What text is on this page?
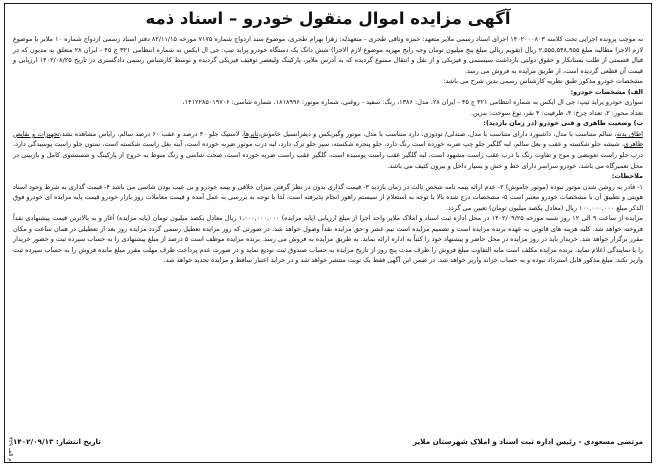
آگهی مزایده اموال منقول خودرو – اسناد ذمه

به موجب پرونده اجرایی تحت کلاسه ۱۴۰۲۰۰۰۸۰۳ اجرای اسناد رسمی ملایر متعهد: حمزه وثاقی طجری - متعهدله: زهرا بهرام طجری، موضوع سند ازدواج شماره ۷۱۷۵ مورخه ۸۲/۱۱/۱۵ دفتر اسناد رسمی ازدواج شماره ۱۰ ملایر با موضوع لازم الاجرا مطالبه مبلغ ۲,۵۵۵,۵۴۸,۹۵۵ ریال (تقویم ریالی مبلغ پنج میلیون تومان وجه رایج مهریه موضوع لازم الاجرا) شش دانگ یک دستگاه خودرو پراید تیپ: جی ال ایکس به شماره انتظامی ۳۲۱ ج ۴۵ - ایران ۲۸ متعلق به مدیون که در قبال قسمتی از طلب بستانکار و حقوق دولتی بازداشت سیستمی و فیزیکی و از نقل و انتقال ممنوع گردیده که به آدرس ملایر، پارکینگ ولیعصر توقیف فیزیکی گردیده و توسط کارشناس رسمی دادگستری در تاریخ ۱۴۰۲/۰۸/۲۵ ارزیابی و قیمت آن قطعی گردیده است، از طریق مزایده به فروش می رسد.

مشخصات خودرو مذکور طبق نظریه کارشناس رسمی بدین شرح می باشد:

الف) مشخصات خودرو:

سواری خودرو پراید تیپ: جی ال ایکس به شماره انتظامی ۳۲۱ ج ۴۵ - ایران ۲۸، مدل: ۱۳۸۶، رنگ: سفید - روغنی، شماره موتور: ۱۸۱۸۹۹۶، شماره شاسی: ۱۴۱۲۲۸۵۰۱۹۷۰۶،

تعداد محور: ۲، تعداد چرخ: ۴، ظرفیت: ۴ نفر، نوع سوخت: بنزین.

ب) وضعیت ظاهری و فنی خودرو (در زمان بازدید):

اطاق بدنه، سالم متناسب با مدل، داشبورد دارای متناسب با مدل، صندلی/ تودوزی، دارد متناسب با مدل، موتور وگیربکس و دیفرانسیل خاموش،تایرها، لاستیک جلو ۴۰ درصد و عقب ۶۰ درصد سالم، رایاس مشاهده نشد،تجهیزات و نقایص ظاهری، شیشه جلو شکسته و عقب و بغل سالم، لبه گلگیر جلو چپ ضربه خورده است رنگ دارد، جلو پنجره شکسته، سپر جلو ترک دارد، لبه درب موتور ضربه خورده است، آینه بغل راست شکسته است، ستون جلو راست پوسیدگی دارد، درب جلو راست تعویضی و موج و تفاوت رنگ با درب عقب راست مشهود است، لبه گلگیر عقب راست پوسیده است، گلگیر عقب راست ضربه خورده است، صحت شاسی و رنگ منوط به خروج از پارکینگ و شستشوی کامل و بازبینی در محل تعمیرگاه می باشد، خودرو سراسر دارای خط و خش و بسیار داخل و بیرون کثیف می باشد.

ملاحظات:

۱- قادر به روشن شدن موتور نبوده (موتور خاموش) ۲- عدم ارائه بیمه نامه شخص ثالث در زمان بازدید ۳- قیمت گذاری بدون در نظر گرفتن میزان خلافی و بیمه خودرو و بی عیب بودن شاسی می باشد ۴- قیمت گذاری به شرط وجود اسناد هویتی و تطبیق آن با مشخصات خودرو معتبر است ۵- مشخصات درج شده بالا با توجه به استعلام از سیستم راهور انجام پذیرفته است. لذا با توجه به بررسی به عمل آمده و قیمت معاملات روز بازار خودرو قیمت پایه مزایده ای خودرو فوق الذکر مبلغ ۱۰۰,۰۰۰,۰۰۰ ریال (معادل یکصد میلیون تومان) تعیین می گردد.

مزایده از ساعت ۹ الی ۱۲ روز شنبه مورخه ۱۴۰۲/۰۹/۲۵ در محل اداره ثبت اسناد و املاک ملایر واحد اجرا از مبلغ ارزیابی (پایه مزایده) ۱,۰۰۰,۰۰۰,۰۰۰ ریال معادل یکصد میلیون تومان (پایه مزایده) آغاز و به بالاترین قیمت پیشنهادی نقداً فروخته خواهد شد. کلیه هزینه های قانونی به عهده برنده مزایده است و تصمیم مزایده است نیم عشر و حق مزایده نقداً وصول خواهد شد. در صورتی که روز مزایده تعطیل رسمی گردد مزایده روز بعد از تعطیلی در همان ساعت و مکان مقرر برگزار خواهد شد. خریدار باید در روز مزایده در محل حاضر و پیشنهاد خود را کتباً به اداره ارائه نماید. به طریق مزایده به فروش می رسد. برنده مزایده موظف است ۵ درصد از مبلغ پیشنهادی را به حساب سپرده ثبت و حضور خریدار را با نمایندگی اعلام نماید. برنده مزایده مکلف است مابه التفاوت مبلغ فروش را ظرف مدت پنج روز از تاریخ مزایده به حساب صندوق ثبت تودیع نماید و در صورت عدم پرداخت ظرف مهلت مقرر مبلغ مانده فروش را به حساب سپرده ثبت واریز نکند، مبلغ مذکور قابل استرداد نبوده و به حساب خزانه واریز خواهد شد. در ضمن این آگهی فقط یک نوبت منتشر خواهد شد و در جراید اعتبار سافظ و مزایده تجدید خواهد شد.

مرتضی مسعودی - رئیس اداره ثبت اسناد و املاک شهرستان ملایر
تاریخ انتشار: ۱۴۰۲/۰۹/۱۳
م الف ۴۲۹
